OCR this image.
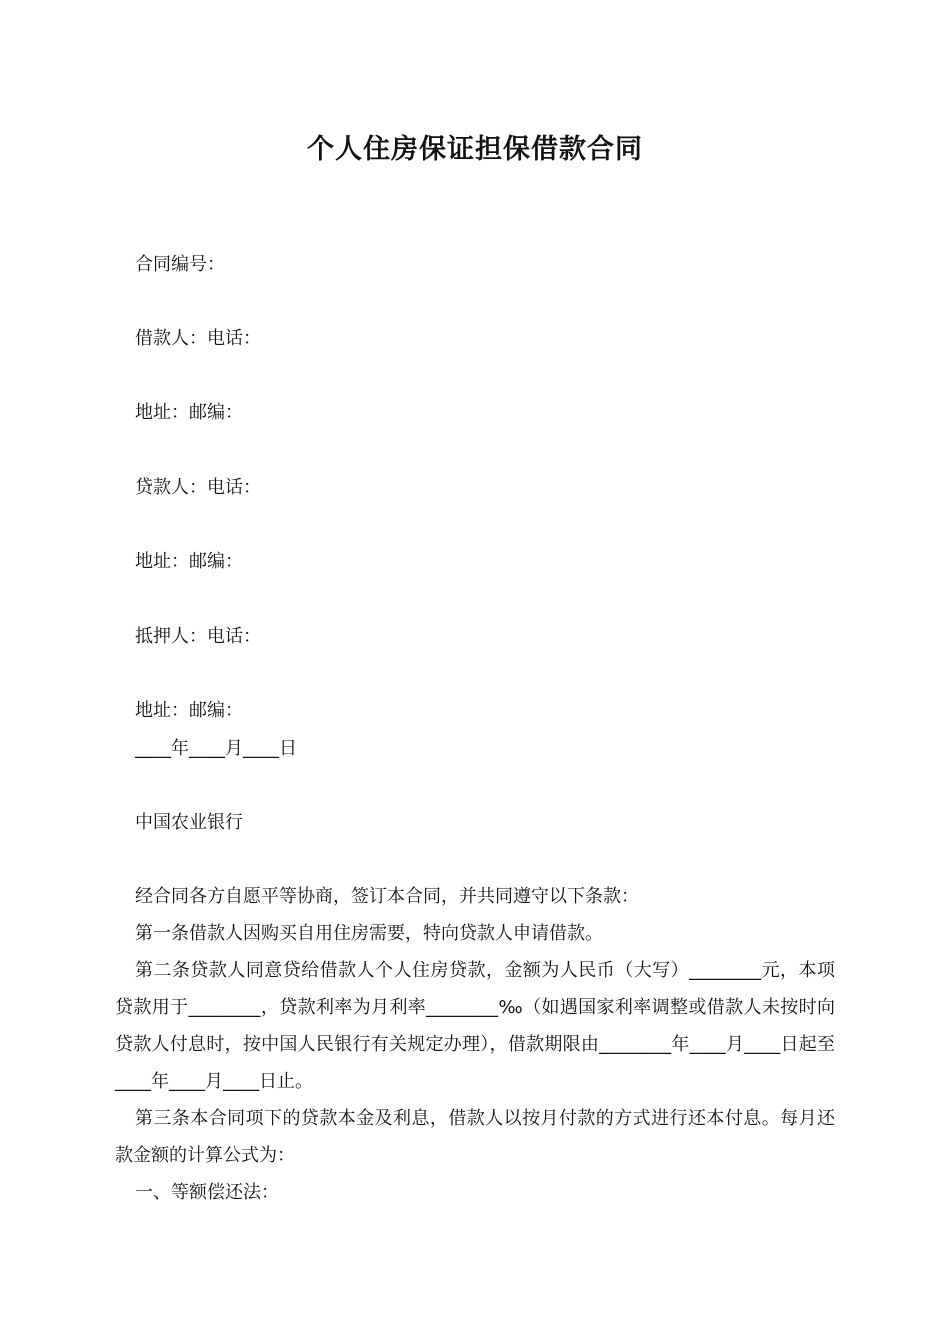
个人住房保证担保借款合同
合同编号：
借款人：电话：
地址：邮编：
贷款人：电话：
地址：邮编：
抵押人：电话：
地址：邮编：
____年____月____日
中国农业银行
经合同各方自愿平等协商，签订本合同，并共同遵守以下条款：
第一条借款人因购买自用住房需要，特向贷款人申请借款。
第二条贷款人同意贷给借款人个人住房贷款，金额为人民币（大写）________元，本项贷款用于________，贷款利率为月利率________‰（如遇国家利率调整或借款人未按时向贷款人付息时，按中国人民银行有关规定办理），借款期限由________年____月____日起至____年____月____日止。
第三条本合同项下的贷款本金及利息，借款人以按月付款的方式进行还本付息。每月还款金额的计算公式为：
一、等额偿还法：
